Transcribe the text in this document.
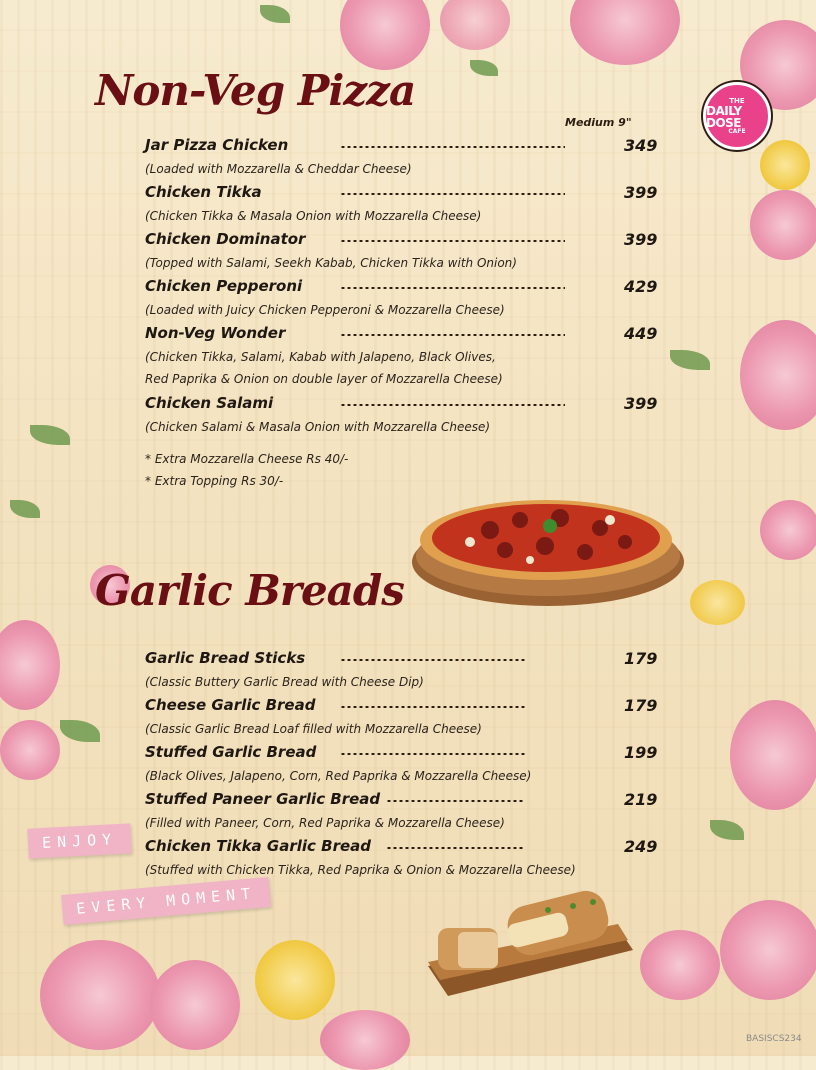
THE
DAILY DOSE
CAFE
Non-Veg Pizza
Medium 9"
Jar Pizza Chicken	349
(Loaded with Mozzarella & Cheddar Cheese)
Chicken Tikka	399
(Chicken Tikka & Masala Onion with Mozzarella Cheese)
Chicken Dominator	399
(Topped with Salami, Seekh Kabab, Chicken Tikka with Onion)
Chicken Pepperoni	429
(Loaded with Juicy Chicken Pepperoni & Mozzarella Cheese)
Non-Veg Wonder	449
(Chicken Tikka, Salami, Kabab with Jalapeno, Black Olives,
Red Paprika & Onion on double layer of Mozzarella Cheese)
Chicken Salami	399
(Chicken Salami & Masala Onion with Mozzarella Cheese)
* Extra Mozzarella Cheese Rs 40/-
* Extra Topping Rs 30/-
Garlic Breads
Garlic Bread Sticks	179
(Classic Buttery Garlic Bread with Cheese Dip)
Cheese Garlic Bread	179
(Classic Garlic Bread Loaf filled with Mozzarella Cheese)
Stuffed Garlic Bread	199
(Black Olives, Jalapeno, Corn, Red Paprika & Mozzarella Cheese)
Stuffed Paneer Garlic Bread	219
(Filled with Paneer, Corn, Red Paprika & Mozzarella Cheese)
Chicken Tikka Garlic Bread	249
(Stuffed with Chicken Tikka, Red Paprika & Onion & Mozzarella Cheese)
ENJOY
EVERY MOMENT
BASISCS234
